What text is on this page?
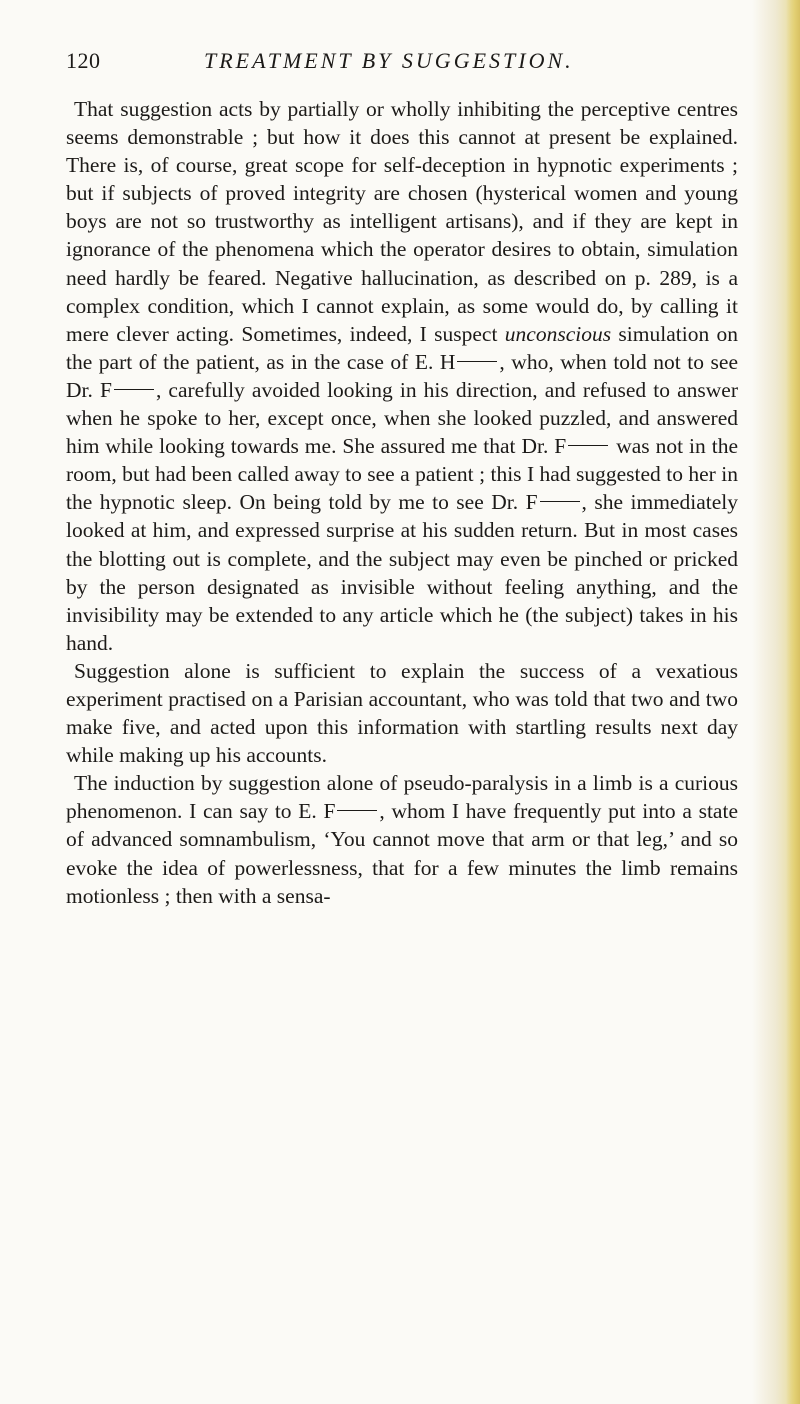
120	TREATMENT BY SUGGESTION.

That suggestion acts by partially or wholly inhibiting the perceptive centres seems demonstrable ; but how it does this cannot at present be explained. There is, of course, great scope for self-deception in hypnotic experiments ; but if subjects of proved integrity are chosen (hysterical women and young boys are not so trustworthy as intelligent artisans), and if they are kept in ignorance of the phenomena which the operator desires to obtain, simulation need hardly be feared. Negative hallucination, as described on p. 289, is a complex condition, which I cannot explain, as some would do, by calling it mere clever acting. Sometimes, indeed, I suspect unconscious simulation on the part of the patient, as in the case of E. H , who, when told not to see Dr. F , carefully avoided looking in his direction, and refused to answer when he spoke to her, except once, when she looked puzzled, and answered him while looking towards me. She assured me that Dr. F was not in the room, but had been called away to see a patient ; this I had suggested to her in the hypnotic sleep. On being told by me to see Dr. F , she immediately looked at him, and expressed surprise at his sudden return. But in most cases the blotting out is complete, and the subject may even be pinched or pricked by the person designated as invisible without feeling anything, and the invisibility may be extended to any article which he (the subject) takes in his hand.

Suggestion alone is sufficient to explain the success of a vexatious experiment practised on a Parisian accountant, who was told that two and two make five, and acted upon this information with startling results next day while making up his accounts.

The induction by suggestion alone of pseudo-paralysis in a limb is a curious phenomenon. I can say to E. F , whom I have frequently put into a state of advanced somnambulism, ‘You cannot move that arm or that leg,’ and so evoke the idea of powerlessness, that for a few minutes the limb remains motionless ; then with a sensa-
